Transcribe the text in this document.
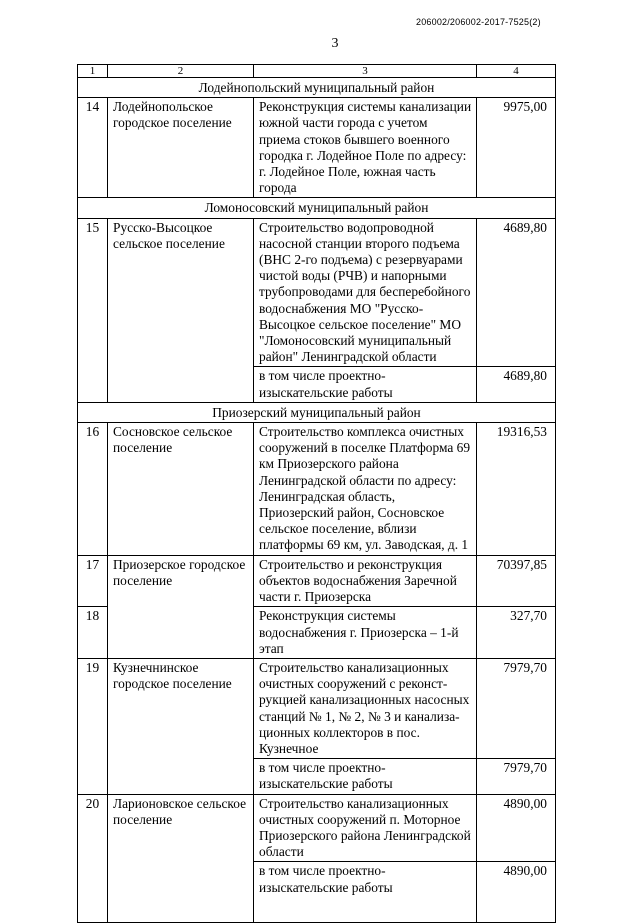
206002/206002-2017-7525(2)
3
1	2	3	4
Лодейнопольский муниципальный район			
14	Лодейнопольское городское поселение	Реконструкция системы канализации южной части города с учетом приема стоков бывшего военного городка г. Лодейное Поле по адресу: г. Лодейное Поле, южная часть города	9975,00
Ломоносовский муниципальный район			
15	Русско-Высоцкое сельское поселение	Строительство водопроводной насосной станции второго подъема (ВНС 2-го подъема) с резервуарами чистой воды (РЧВ) и напорными трубопроводами для бесперебойного водоснабжения МО "Русско-Высоцкое сельское поселение" МО "Ломоносовский муниципальный район" Ленинградской области	4689,80
		в том числе проектно-изыскательские работы	4689,80
Приозерский муниципальный район			
16	Сосновское сельское поселение	Строительство комплекса очистных сооружений в поселке Платформа 69 км Приозерского района Ленинградской области по адресу: Ленинградская область, Приозерский район, Сосновское сельское поселение, вблизи платформы 69 км, ул. Заводская, д. 1	19316,53
17	Приозерское городское поселение	Строительство и реконструкция объектов водоснабжения Заречной части г. Приозерска	70397,85
18		Реконструкция системы водоснабжения г. Приозерска – 1-й этап	327,70
19	Кузнечнинское городское поселение	Строительство канализационных очистных сооружений с реконст-рукцией канализационных насосных станций № 1, № 2, № 3 и канализа-ционных коллекторов в пос. Кузнечное	7979,70
		в том числе проектно-изыскательские работы	7979,70
20	Ларионовское сельское поселение	Строительство канализационных очистных сооружений п. Моторное Приозерского района Ленинградской области	4890,00
		в том числе проектно-изыскательские работы	4890,00
